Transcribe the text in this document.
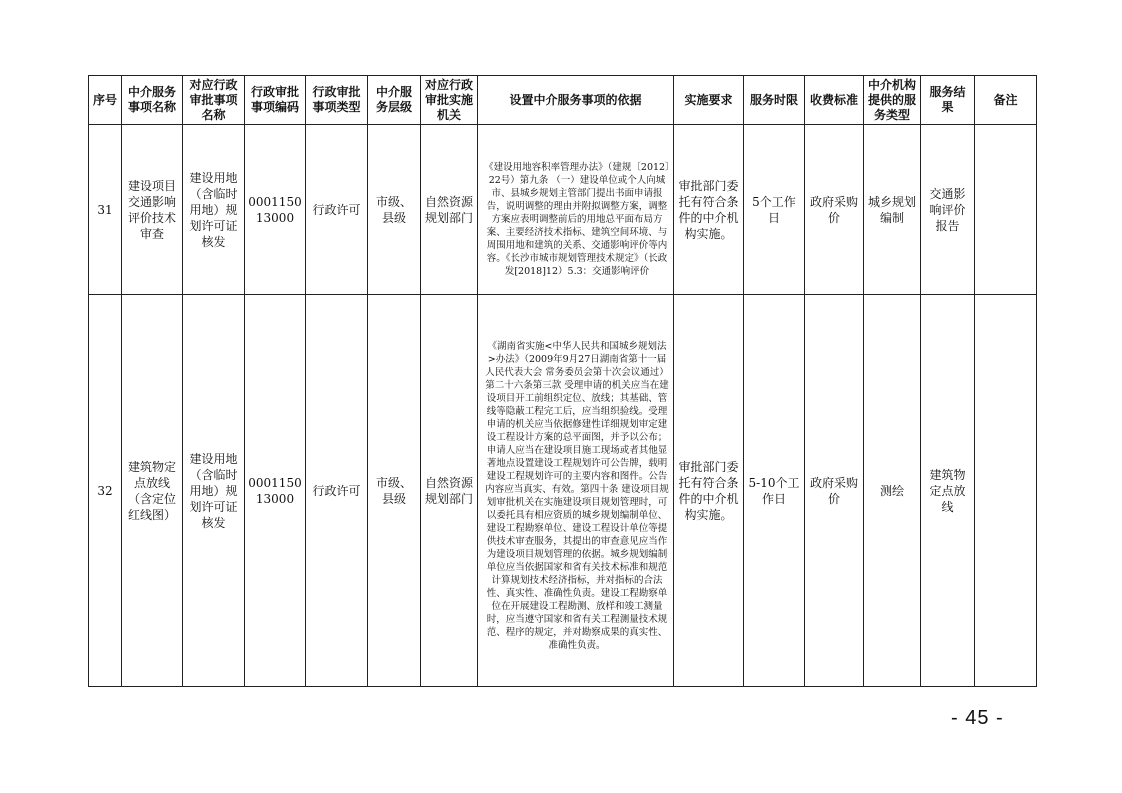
序号	中介服务事项名称	对应行政审批事项名称	行政审批事项编码	行政审批事项类型	中介服务层级	对应行政审批实施机关	设置中介服务事项的依据	实施要求	服务时限	收费标准	中介机构提供的服务类型	服务结果	备注

31	建设项目交通影响评价技术审查	建设用地（含临时用地）规划许可证核发	000115013000	行政许可	市级、县级	自然资源规划部门	《建设用地容积率管理办法》（建规〔2012〕22号）第九条 （一）建设单位或个人向城市、县城乡规划主管部门提出书面申请报告，说明调整的理由并附拟调整方案，调整方案应表明调整前后的用地总平面布局方案、主要经济技术指标、建筑空间环境、与周围用地和建筑的关系、交通影响评价等内容。《长沙市城市规划管理技术规定》（长政发[2018]12）5.3：交通影响评价	审批部门委托有符合条件的中介机构实施。	5个工作日	政府采购价	城乡规划编制	交通影响评价报告	

32	建筑物定点放线（含定位红线图）	建设用地（含临时用地）规划许可证核发	000115013000	行政许可	市级、县级	自然资源规划部门	《湖南省实施<中华人民共和国城乡规划法>办法》（2009年9月27日湖南省第十一届人民代表大会 常务委员会第十次会议通过）第二十六条第三款 受理申请的机关应当在建设项目开工前组织定位、放线；其基础、管线等隐蔽工程完工后，应当组织验线。受理申请的机关应当依据修建性详细规划审定建设工程设计方案的总平面图，并予以公布；申请人应当在建设项目施工现场或者其他显著地点设置建设工程规划许可公告牌，载明建设工程规划许可的主要内容和图件。公告内容应当真实、有效。第四十条 建设项目规划审批机关在实施建设项目规划管理时，可以委托具有相应资质的城乡规划编制单位、建设工程勘察单位、建设工程设计单位等提供技术审查服务，其提出的审查意见应当作为建设项目规划管理的依据。城乡规划编制单位应当依据国家和省有关技术标准和规范计算规划技术经济指标，并对指标的合法性、真实性、准确性负责。建设工程勘察单位在开展建设工程勘测、放样和竣工测量时，应当遵守国家和省有关工程测量技术规范、程序的规定，并对勘察成果的真实性、准确性负责。	审批部门委托有符合条件的中介机构实施。	5-10个工作日	政府采购价	测绘	建筑物定点放线	

- 45 -
